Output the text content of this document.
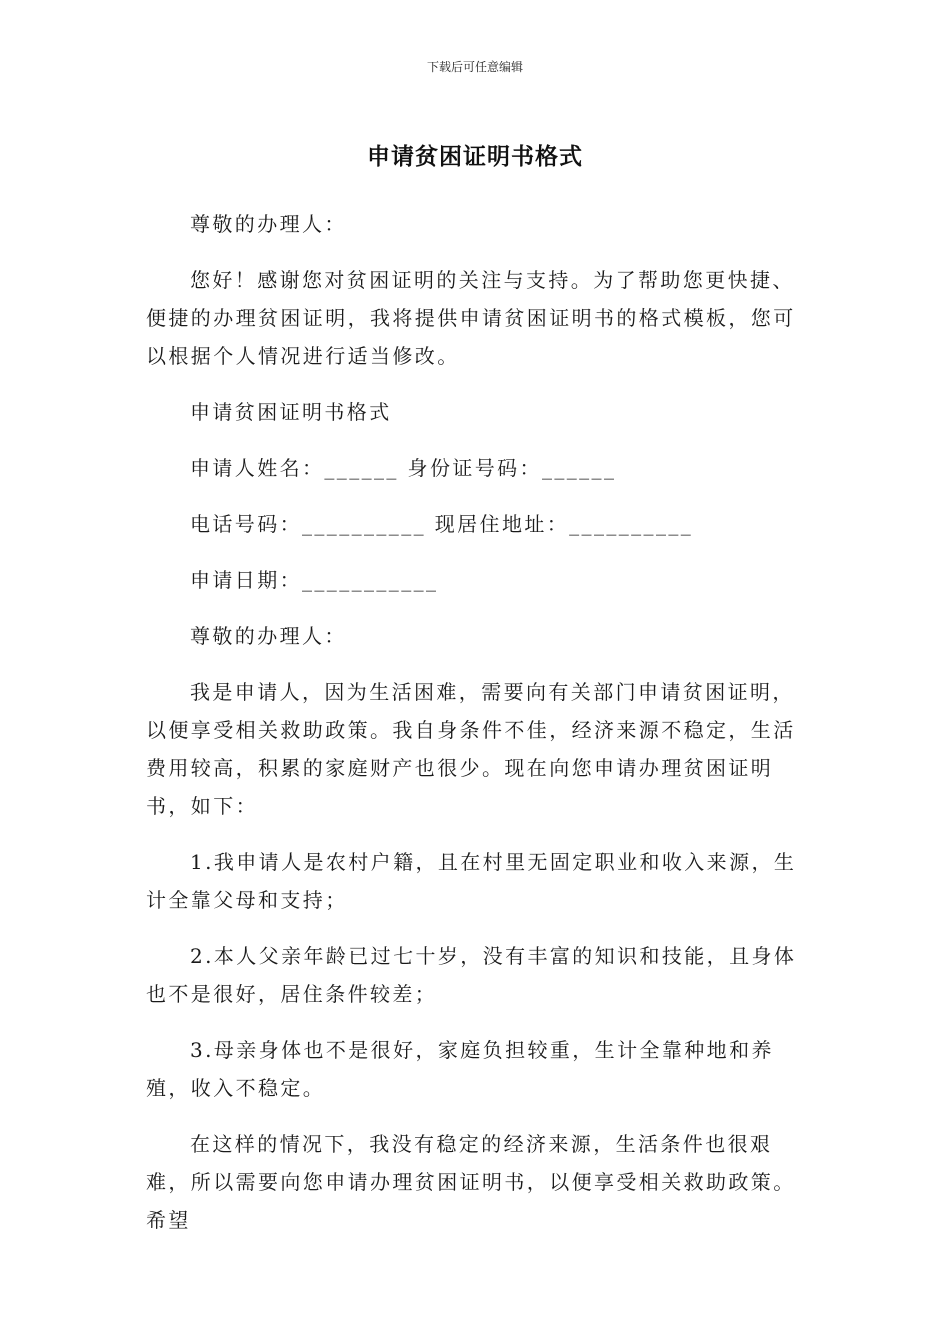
下载后可任意编辑
申请贫困证明书格式

尊敬的办理人：

您好！感谢您对贫困证明的关注与支持。为了帮助您更快捷、便捷的办理贫困证明，我将提供申请贫困证明书的格式模板，您可以根据个人情况进行适当修改。

申请贫困证明书格式

申请人姓名：______ 身份证号码：______

电话号码：__________ 现居住地址：__________

申请日期：___________

尊敬的办理人：

我是申请人，因为生活困难，需要向有关部门申请贫困证明，以便享受相关救助政策。我自身条件不佳，经济来源不稳定，生活费用较高，积累的家庭财产也很少。现在向您申请办理贫困证明书，如下：

1.我申请人是农村户籍，且在村里无固定职业和收入来源，生计全靠父母和支持；

2.本人父亲年龄已过七十岁，没有丰富的知识和技能，且身体也不是很好，居住条件较差；

3.母亲身体也不是很好，家庭负担较重，生计全靠种地和养殖，收入不稳定。

在这样的情况下，我没有稳定的经济来源，生活条件也很艰难，所以需要向您申请办理贫困证明书，以便享受相关救助政策。希望
